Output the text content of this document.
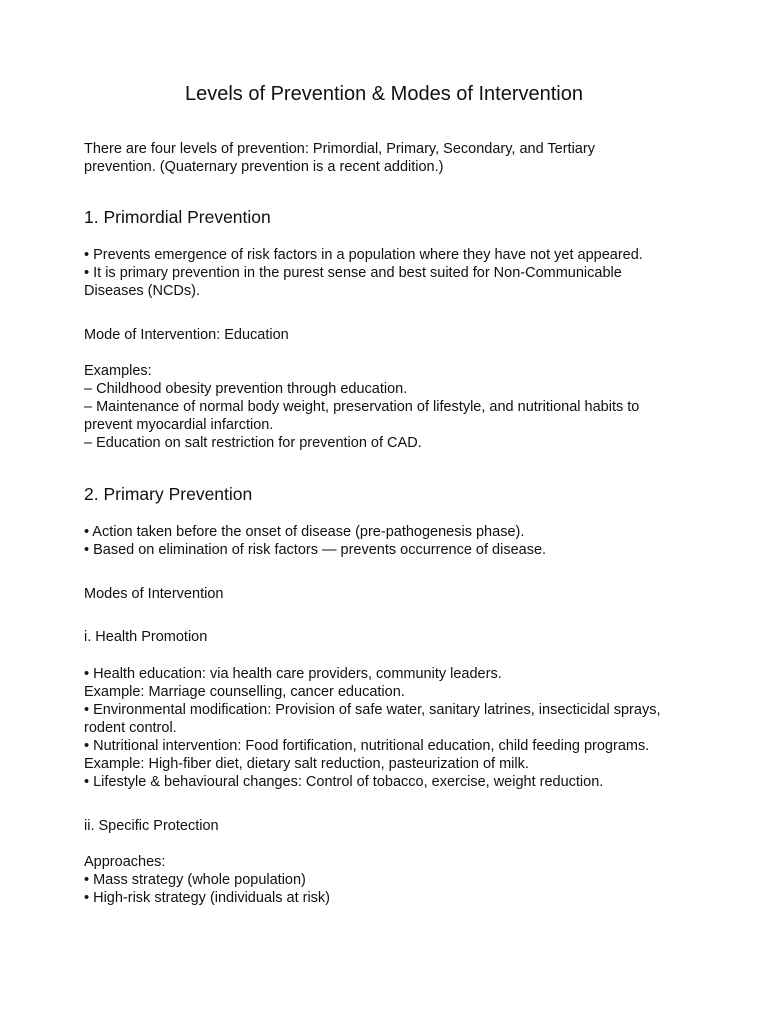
Levels of Prevention & Modes of Intervention

There are four levels of prevention: Primordial, Primary, Secondary, and Tertiary

prevention. (Quaternary prevention is a recent addition.)

1. Primordial Prevention

• Prevents emergence of risk factors in a population where they have not yet appeared.

• It is primary prevention in the purest sense and best suited for Non-Communicable

Diseases (NCDs).

Mode of Intervention: Education

Examples:

– Childhood obesity prevention through education.

– Maintenance of normal body weight, preservation of lifestyle, and nutritional habits to

prevent myocardial infarction.

– Education on salt restriction for prevention of CAD.

2. Primary Prevention

• Action taken before the onset of disease (pre-pathogenesis phase).

• Based on elimination of risk factors — prevents occurrence of disease.

Modes of Intervention
i. Health Promotion

• Health education: via health care providers, community leaders.

Example: Marriage counselling, cancer education.

• Environmental modification: Provision of safe water, sanitary latrines, insecticidal sprays,

rodent control.

• Nutritional intervention: Food fortification, nutritional education, child feeding programs.

Example: High-fiber diet, dietary salt reduction, pasteurization of milk.

• Lifestyle & behavioural changes: Control of tobacco, exercise, weight reduction.

ii. Specific Protection

Approaches:

• Mass strategy (whole population)

• High-risk strategy (individuals at risk)
